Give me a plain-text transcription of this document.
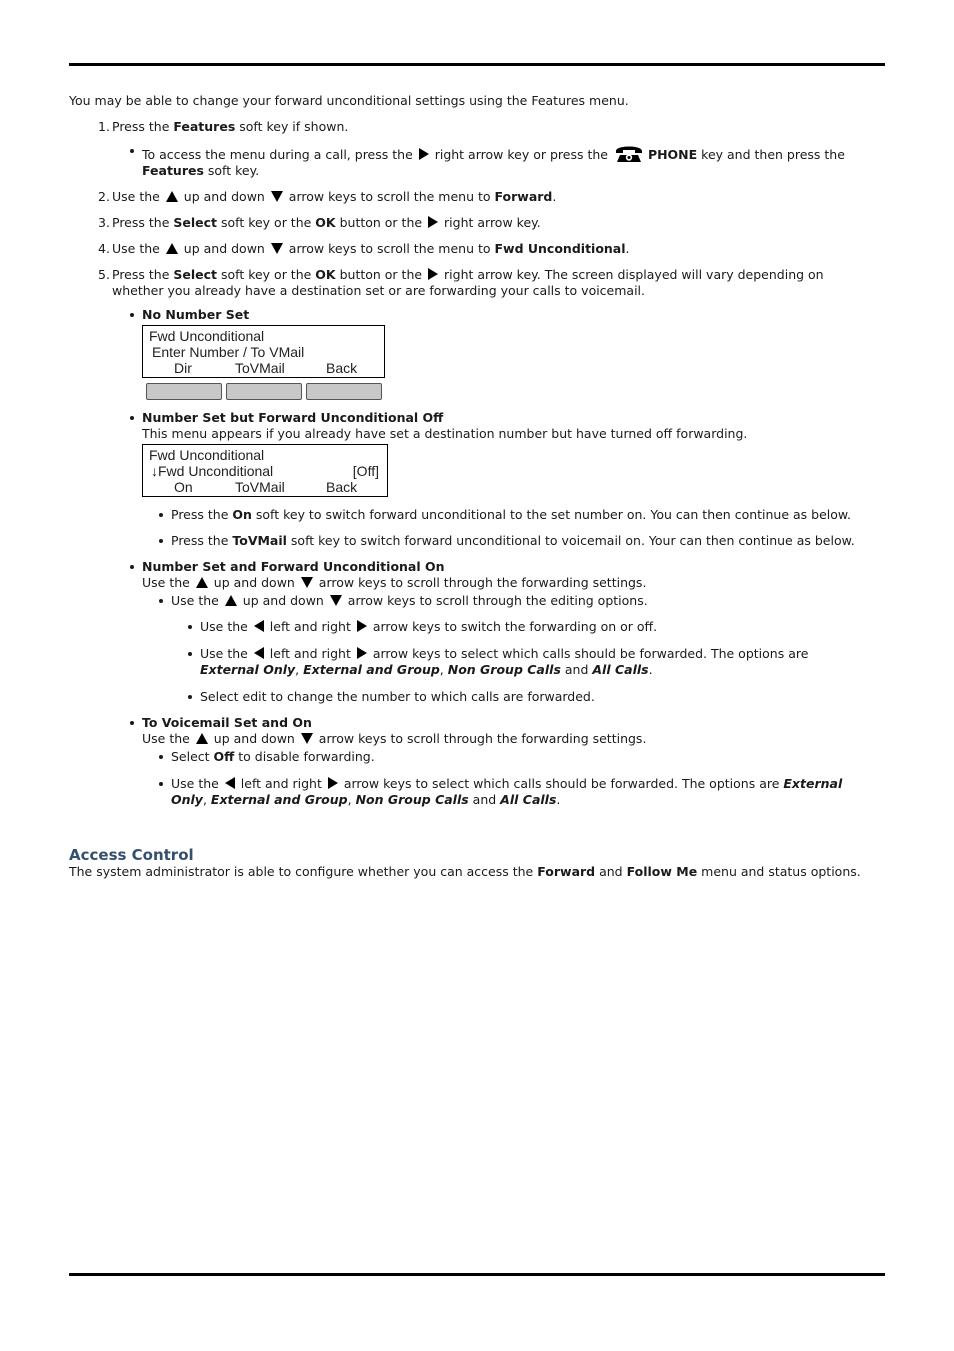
You may be able to change your forward unconditional settings using the Features menu.

1. Press the Features soft key if shown.
To access the menu during a call, press the  right arrow key or press the	PHONE key and then press the Features soft key.
2. Use the  up and down  arrow keys to scroll the menu to Forward.
3. Press the Select soft key or the OK button or the  right arrow key.
4. Use the  up and down  arrow keys to scroll the menu to Fwd Unconditional.
5. Press the Select soft key or the OK button or the  right arrow key. The screen displayed will vary depending on whether you already have a destination set or are forwarding your calls to voicemail.
No Number Set
Fwd Unconditional
Enter Number / To VMail
Dir	ToVMail	Back
Number Set but Forward Unconditional Off
This menu appears if you already have set a destination number but have turned off forwarding.
Fwd Unconditional
↓Fwd Unconditional	[Off]
On	ToVMail	Back
Press the On soft key to switch forward unconditional to the set number on. You can then continue as below.
Press the ToVMail soft key to switch forward unconditional to voicemail on. Your can then continue as below.
Number Set and Forward Unconditional On
Use the  up and down  arrow keys to scroll through the forwarding settings.
Use the  up and down  arrow keys to scroll through the editing options.
Use the  left and right  arrow keys to switch the forwarding on or off.
Use the  left and right  arrow keys to select which calls should be forwarded. The options are External Only, External and Group, Non Group Calls and All Calls.
Select edit to change the number to which calls are forwarded.
To Voicemail Set and On
Use the  up and down  arrow keys to scroll through the forwarding settings.
Select Off to disable forwarding.
Use the  left and right  arrow keys to select which calls should be forwarded. The options are External Only, External and Group, Non Group Calls and All Calls.
Access Control

The system administrator is able to configure whether you can access the Forward and Follow Me menu and status options.
